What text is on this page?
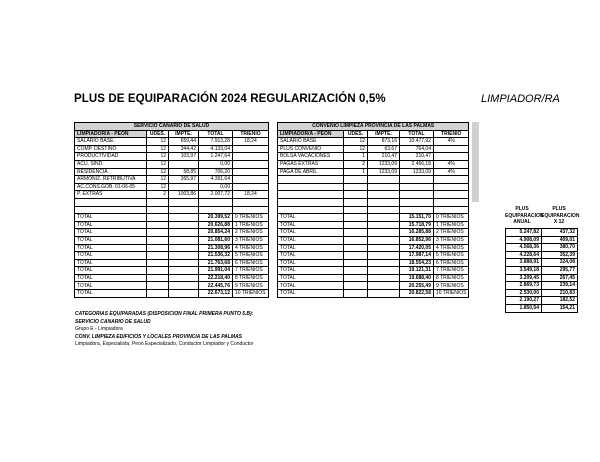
PLUS DE EQUIPARACIÓN 2024 REGULARIZACIÓN 0,5%	LIMPIADOR/RA
SERVICIO CANARIO DE SALUD				
LIMPIADOR/A - PEON	UDES.	IMPTE.	TOTAL	TRIENIO
SALARIO BASE	12	659,44	7.913,28	18,24
COMP. DESTINO	12	344,42	4.133,04	
PRODUCTIVIDAD	12	103,97	1.247,64	
ACU. SIND.	12		0,00	
RESIDENCIA	12	58,85	706,20	
ARMONIZ. RETRIBUTIVA	12	365,97	4.391,64	
AC.CONS.GOB. 01-06-05	12		0,00	
P. EXTRAS	2	1003,86	2.007,72	18,24

TOTAL			20.399,52	0 TRIENIOS
TOTAL			20.626,88	1 TRIENIOS
TOTAL			20.854,24	2 TRIENIOS
TOTAL			21.081,60	3 TRIENIOS
TOTAL			21.308,96	4 TRIENIOS
TOTAL			21.536,32	5 TRIENIOS
TOTAL			21.763,68	6 TRIENIOS
TOTAL			21.991,04	7 TRIENIOS
TOTAL			22.218,40	8 TRIENIOS
TOTAL			22.445,76	9 TRIENIOS
TOTAL			22.673,12	10 TRIENIOS
CONVENIO LIMPIEZA PROVINCIA DE LAS PALMAS				
LIMPIADOR/A - PEON	UDES.	IMPTE.	TOTAL	TRIENIO
SALARIO BASE	12	873,16	10.477,92	4%
PLUS CONVENIO	12	63,67	764,04	
BOLSA VACACIONES	1	210,47	210,47	
PAGAS EXTRAS	2	1233,09	2.466,18	4%
PAGA DE ABRIL	1	1233,09	1233,09	4%

TOTAL			15.151,70	0 TRIENIOS
TOTAL			15.718,79	1 TRIENIOS
TOTAL			16.285,88	2 TRIENIOS
TOTAL			16.852,96	3 TRIENIOS
TOTAL			17.420,05	4 TRIENIOS
TOTAL			17.987,14	5 TRIENIOS
TOTAL			18.554,23	6 TRIENIOS
TOTAL			19.121,31	7 TRIENIOS
TOTAL			19.688,40	8 TRIENIOS
TOTAL			20.255,49	9 TRIENIOS
TOTAL			20.822,58	10 TRIENIOS
PLUS EQUIPARACION ANUAL
PLUS EQUIPARACION X 12
5.247,82	437,32
4.908,09	409,01
4.568,36	380,70
4.228,64	352,39
3.888,91	324,08
3.549,18	295,77
3.209,45	267,45
2.869,73	239,14
2.530,00	210,83
2.190,27	182,52
1.850,54	154,21
CATEGORIAS EQUIPARADAS (DISPOSICION FINAL PRIMERA PUNTO 5.B):
SERVICIO CANARIO DE SALUD
Grupo E - Limpiadora
CONV. LIMPIEZA EDIFICIOS Y LOCALES PROVINCIA DE LAS PALMAS
Limpiadora, Especialista, Peon Especializado, Conductor Limpiador y Conductor
